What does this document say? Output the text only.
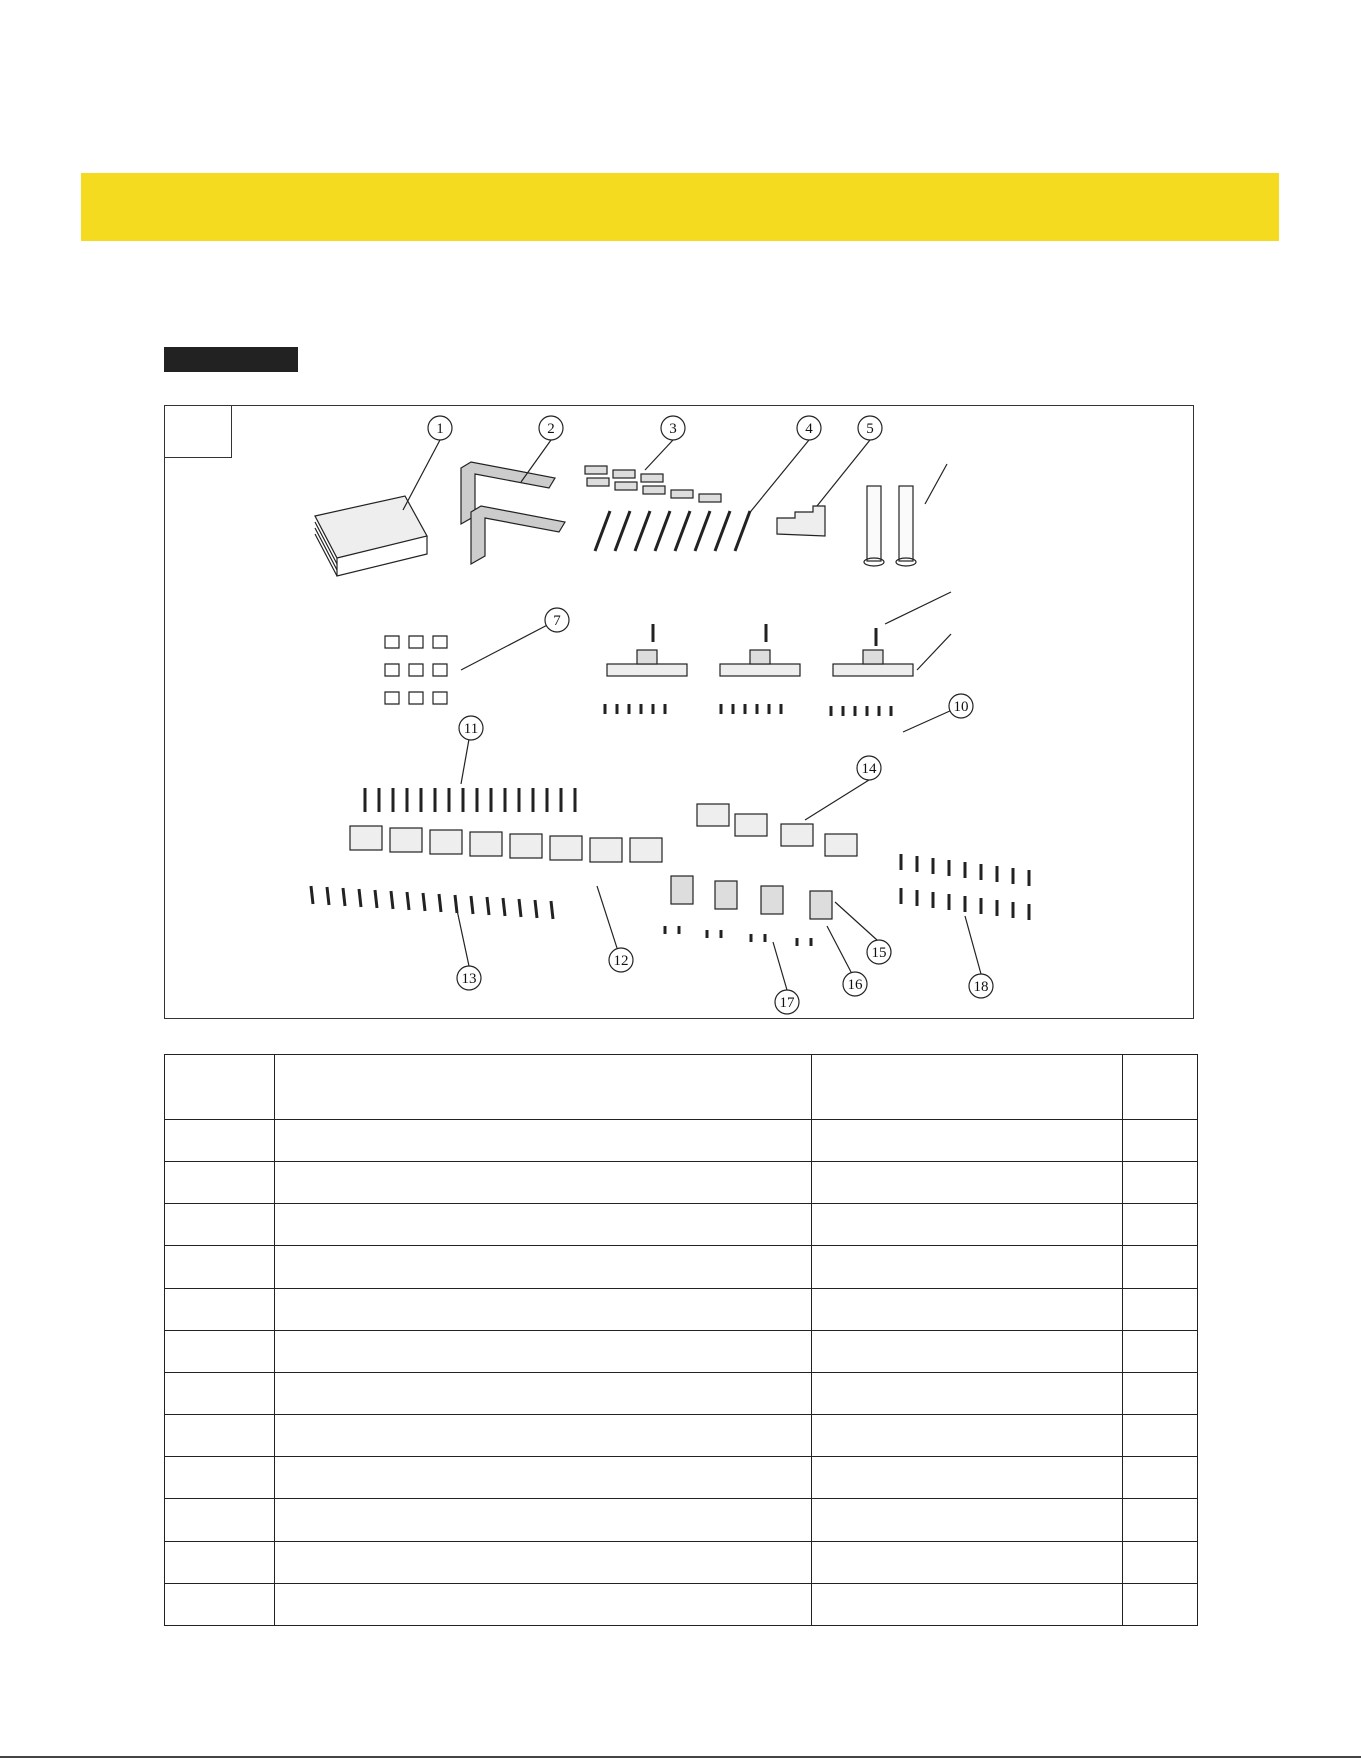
1	2	3	4	5
7
10
11
12
13
14
15
16
17
18
